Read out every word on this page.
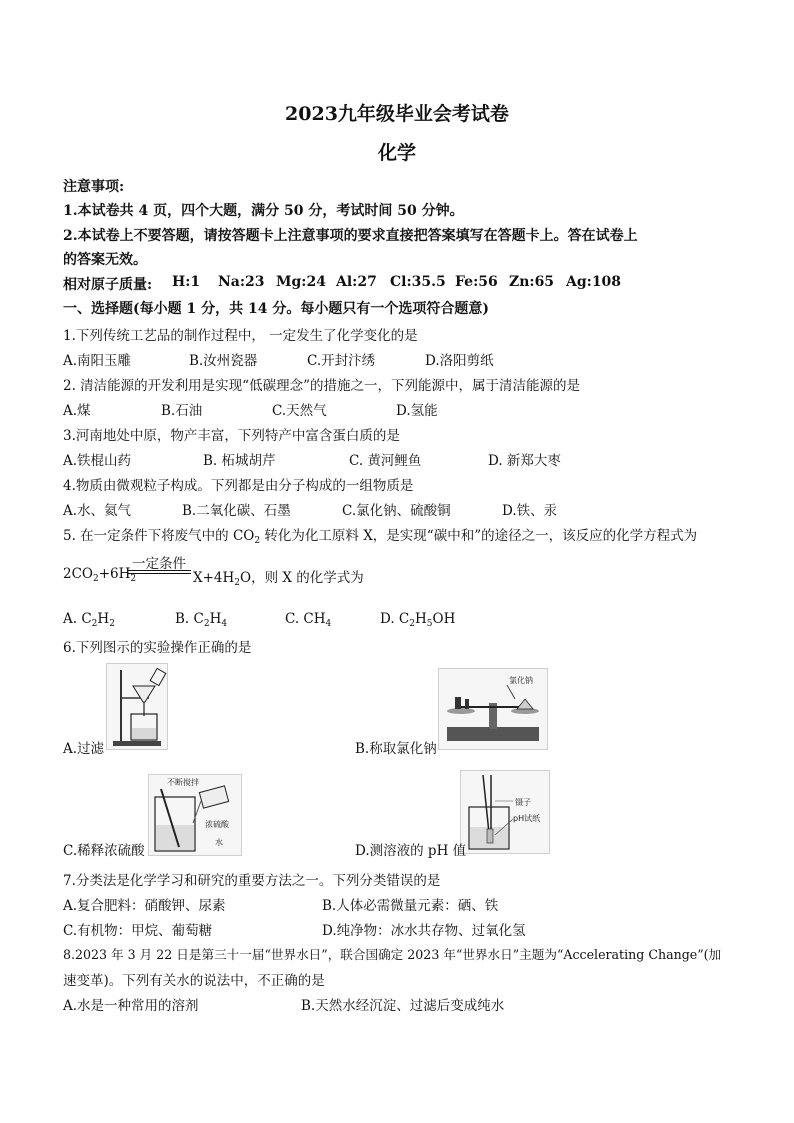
2023九年级毕业会考试卷
化学
注意事项:
1.本试卷共 4 页，四个大题，满分 50 分，考试时间 50 分钟。
2.本试卷上不要答题，请按答题卡上注意事项的要求直接把答案填写在答题卡上。答在试卷上
的答案无效。
相对原子质量: H:1 Na:23 Mg:24 Al:27 Cl:35.5 Fe:56 Zn:65 Ag:108
一、选择题(每小题 1 分，共 14 分。每小题只有一个选项符合题意)
1.下列传统工艺品的制作过程中， 一定发生了化学变化的是
A.南阳玉雕	B.汝州瓷器	C.开封汴绣	D.洛阳剪纸
2. 清洁能源的开发利用是实现“低碳理念”的措施之一，下列能源中，属于清洁能源的是
A.煤	B.石油	C.天然气	D.氢能
3.河南地处中原，物产丰富，下列特产中富含蛋白质的是
A.铁棍山药	B. 柘城胡芹	C. 黄河鲤鱼	D. 新郑大枣
4.物质由微观粒子构成。下列都是由分子构成的一组物质是
A.水、氦气	B.二氧化碳、石墨	C.氯化钠、硫酸铜	D.铁、汞
5. 在一定条件下将废气中的 $CO_2$ 转化为化工原料 X，是实现“碳中和”的途径之一，该反应的化学方程式为
一定条件
$2CO_2+6H_2$	$X+4H_2O$，则 X 的化学式为
A. $C_2H_2$	B. $C_2H_4$	C. $CH_4$	D. $C_2H_5OH$
6.下列图示的实验操作正确的是
A.过滤
氯化钠
B.称取氯化钠
不断搅拌
浓硫酸
水
C.稀释浓硫酸
镊子
pH试纸
D.测溶液的 pH 值
7.分类法是化学学习和研究的重要方法之一。下列分类错误的是
A.复合肥料：硝酸钾、尿素	B.人体必需微量元素：硒、铁
C.有机物：甲烷、葡萄糖	D.纯净物：冰水共存物、过氧化氢
8.2023 年 3 月 22 日是第三十一届“世界水日”，联合国确定 2023 年“世界水日”主题为“Accelerating Change”(加
速变革)。下列有关水的说法中，不正确的是
A.水是一种常用的溶剂	B.天然水经沉淀、过滤后变成纯水
